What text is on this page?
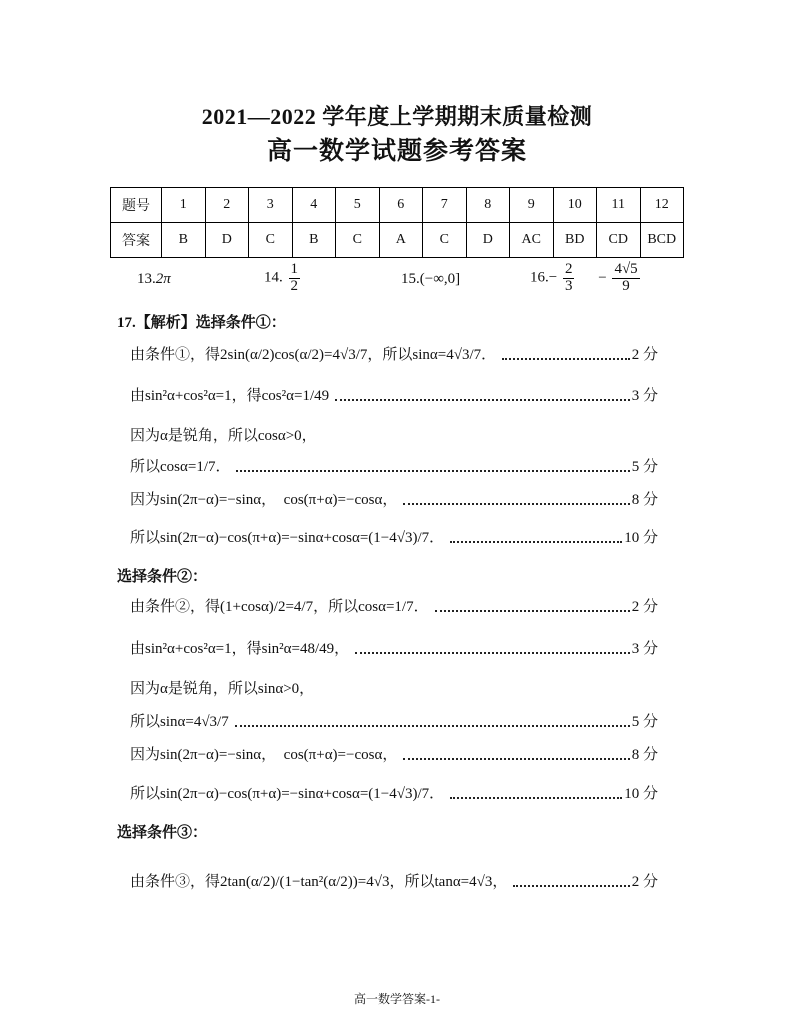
2021—2022 学年度上学期期末质量检测
高一数学试题参考答案
题号	1	2	3	4	5	6	7	8	9	10	11	12
答案	B	D	C	B	C	A	C	D	AC	BD	CD	BCD
13.2π	14. $\frac{1}{2}$	15.(−∞,0]	$16.- \frac{2}{3} - \frac{4√5}{9}$
17.【解析】选择条件①：
由条件①，得2sin(α/2)cos(α/2)=4√3/7，所以sinα=4√3/7．	2 分
由sin²α+cos²α=1，得cos²α=1/49	3 分
因为α是锐角，所以cosα>0，
所以cosα=1/7．	5 分
因为sin(2π−α)=−sinα，　cos(π+α)=−cosα，	8 分
所以sin(2π−α)−cos(π+α)=−sinα+cosα=(1−4√3)/7．	10 分
选择条件②：
由条件②，得(1+cosα)/2=4/7，所以cosα=1/7．	2 分
由sin²α+cos²α=1，得sin²α=48/49，	3 分
因为α是锐角，所以sinα>0，
所以sinα=4√3/7	5 分
因为sin(2π−α)=−sinα，　cos(π+α)=−cosα，	8 分
所以sin(2π−α)−cos(π+α)=−sinα+cosα=(1−4√3)/7．	10 分
选择条件③：
由条件③，得2tan(α/2)/(1−tan²(α/2))=4√3，所以tanα=4√3，	2 分
高一数学答案-1-
